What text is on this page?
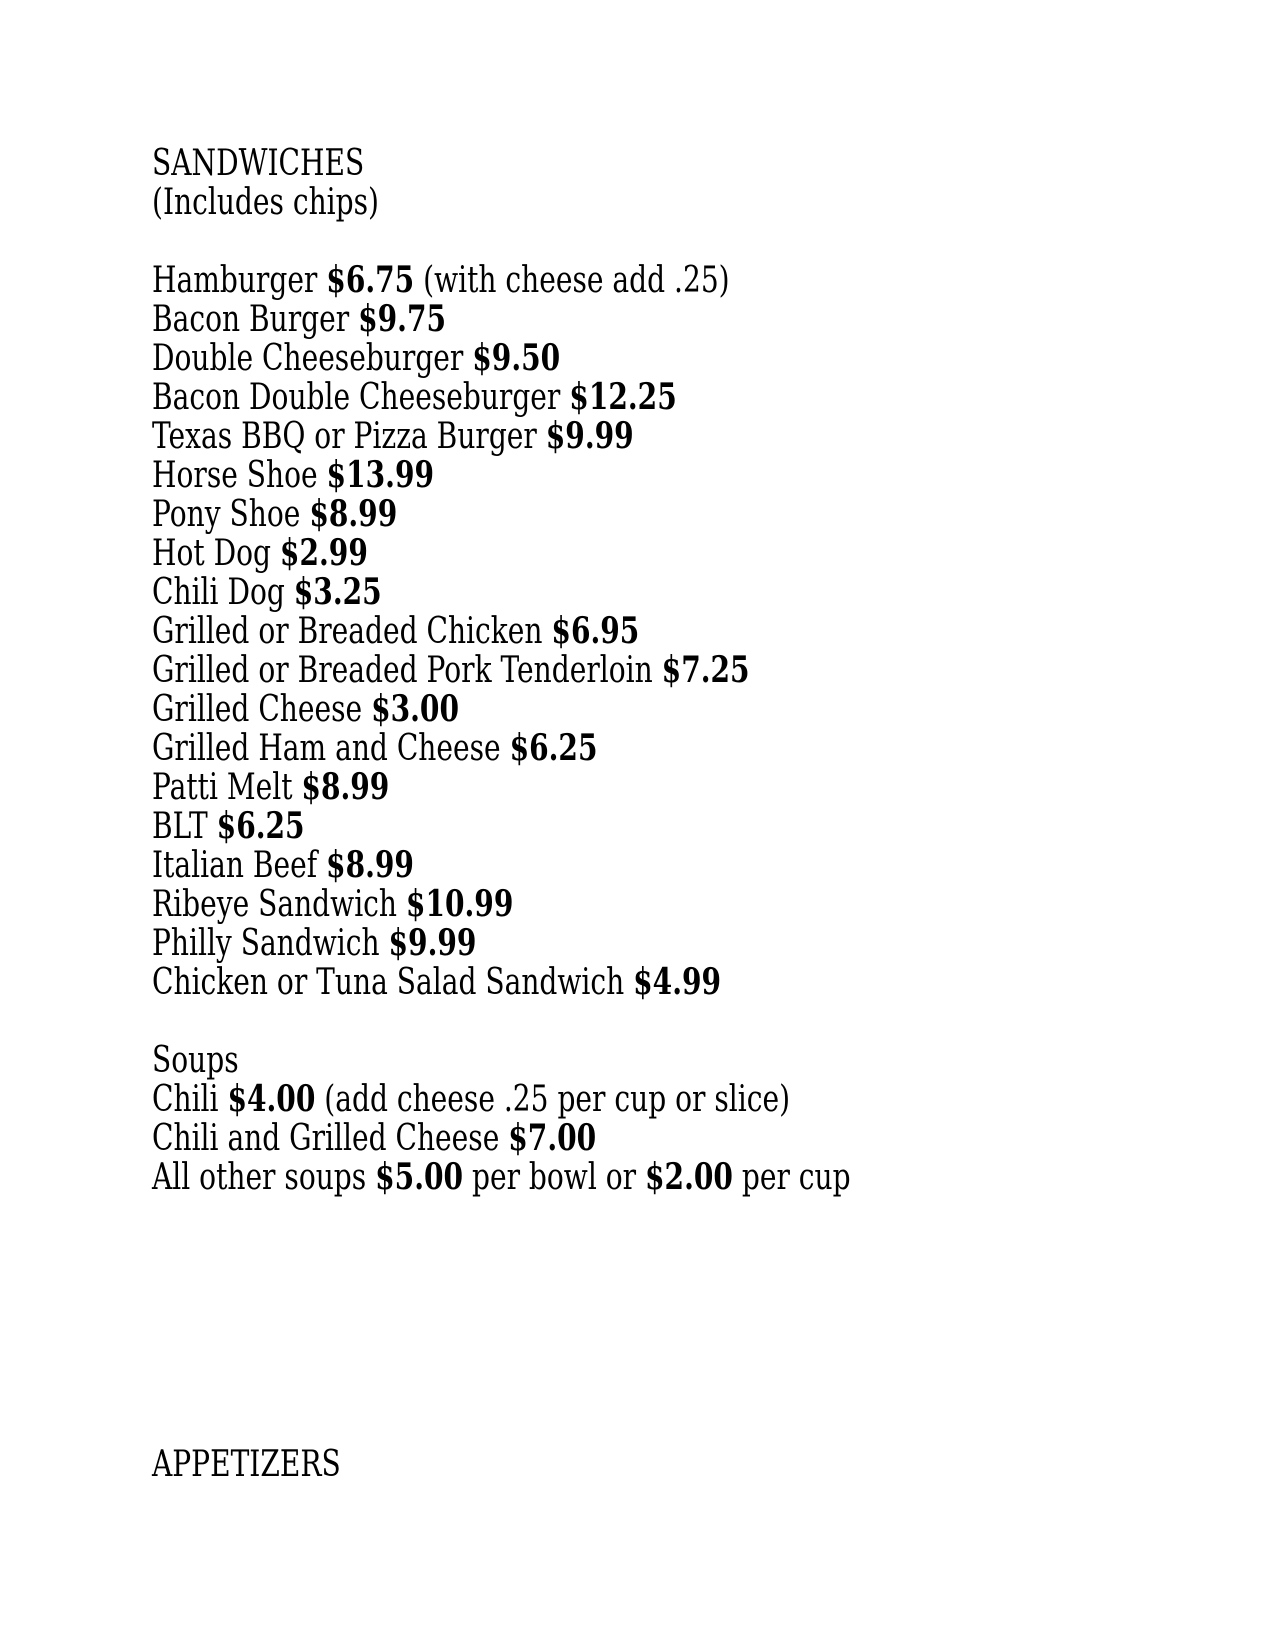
SANDWICHES
(Includes chips)
Hamburger $6.75 (with cheese add .25)
Bacon Burger $9.75
Double Cheeseburger $9.50
Bacon Double Cheeseburger $12.25
Texas BBQ or Pizza Burger $9.99
Horse Shoe $13.99
Pony Shoe $8.99
Hot Dog $2.99
Chili Dog $3.25
Grilled or Breaded Chicken $6.95
Grilled or Breaded Pork Tenderloin $7.25
Grilled Cheese $3.00
Grilled Ham and Cheese $6.25
Patti Melt $8.99
BLT $6.25
Italian Beef $8.99
Ribeye Sandwich $10.99
Philly Sandwich $9.99
Chicken or Tuna Salad Sandwich $4.99
Soups
Chili $4.00 (add cheese .25 per cup or slice)
Chili and Grilled Cheese $7.00
All other soups $5.00 per bowl or $2.00 per cup
APPETIZERS
